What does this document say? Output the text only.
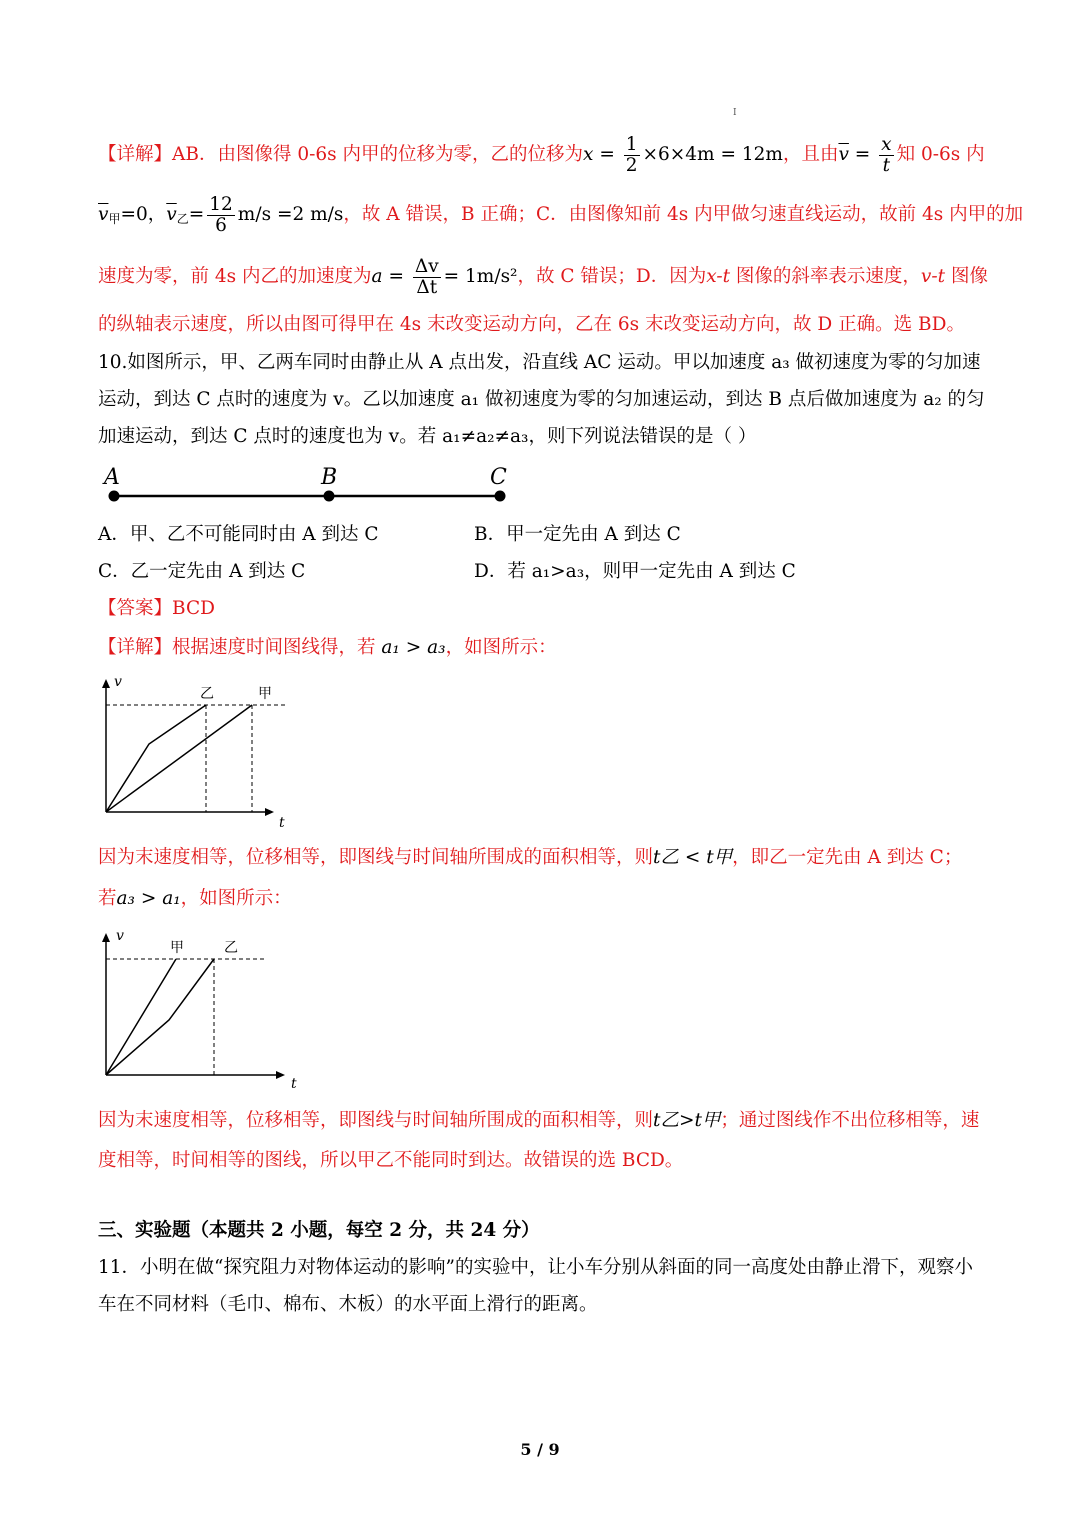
I
【详解】AB．由图像得 0-6s 内甲的位移为零，乙的位移为$x = \frac{1}{2} \times 6\times 4m = 12m$，且由$\overline{v} = \frac{x}{t}$ 知 0-6s 内
$\overline{v}_甲=0$，$\overline{v}_乙= \frac{12}{6} m/s =2$ m/s，故 A 错误，B 正确；C．由图像知前 4s 内甲做匀速直线运动，故前 4s 内甲的加
速度为零，前 4s 内乙的加速度为$a = \frac{\Delta v}{\Delta t} = 1m/s^2$，故 C 错误；D．因为x-t 图像的斜率表示速度，v-t 图像
的纵轴表示速度，所以由图可得甲在 4s 末改变运动方向，乙在 6s 末改变运动方向，故 D 正确。选 BD。
10.如图所示，甲、乙两车同时由静止从 A 点出发，沿直线 AC 运动。甲以加速度 a₃ 做初速度为零的匀加速
运动，到达 C 点时的速度为 v。乙以加速度 a₁ 做初速度为零的匀加速运动，到达 B 点后做加速度为 a₂ 的匀
加速运动，到达 C 点时的速度也为 v。若 a₁≠a₂≠a₃，则下列说法错误的是（ ）
A	B	C
A．甲、乙不可能同时由 A 到达 C	B．甲一定先由 A 到达 C
C．乙一定先由 A 到达 C	D．若 a₁>a₃，则甲一定先由 A 到达 C
【答案】BCD
【详解】根据速度时间图线得，若 a₁ > a₃，如图所示：
v
t
乙	甲
因为末速度相等，位移相等，即图线与时间轴所围成的面积相等，则t乙 < t甲，即乙一定先由 A 到达 C；
若a₃ > a₁，如图所示：
v
t
甲	乙
因为末速度相等，位移相等，即图线与时间轴所围成的面积相等，则t乙>t甲；通过图线作不出位移相等，速
度相等，时间相等的图线，所以甲乙不能同时到达。故错误的选 BCD。
三、实验题（本题共 2 小题，每空 2 分，共 24 分）
11．小明在做“探究阻力对物体运动的影响”的实验中，让小车分别从斜面的同一高度处由静止滑下，观察小
车在不同材料（毛巾、棉布、木板）的水平面上滑行的距离。
5 / 9
